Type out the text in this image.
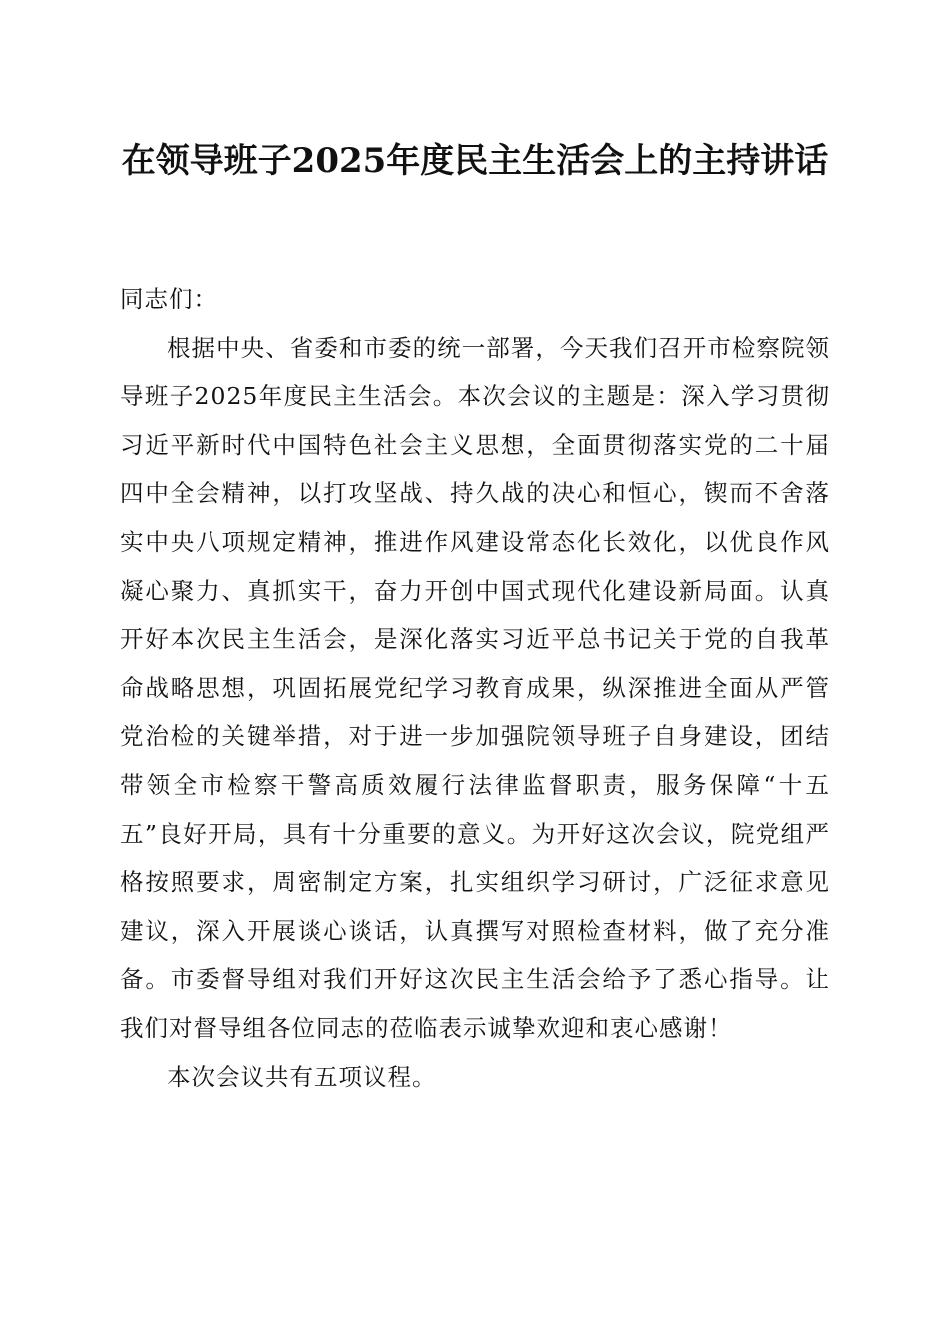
在领导班子2025年度民主生活会上的主持讲话

同志们：

根据中央、省委和市委的统一部署，今天我们召开市检察院领导班子2025年度民主生活会。本次会议的主题是：深入学习贯彻习近平新时代中国特色社会主义思想，全面贯彻落实党的二十届四中全会精神，以打攻坚战、持久战的决心和恒心，锲而不舍落实中央八项规定精神，推进作风建设常态化长效化，以优良作风凝心聚力、真抓实干，奋力开创中国式现代化建设新局面。认真开好本次民主生活会，是深化落实习近平总书记关于党的自我革命战略思想，巩固拓展党纪学习教育成果，纵深推进全面从严管党治检的关键举措，对于进一步加强院领导班子自身建设，团结带领全市检察干警高质效履行法律监督职责，服务保障“十五五”良好开局，具有十分重要的意义。为开好这次会议，院党组严格按照要求，周密制定方案，扎实组织学习研讨，广泛征求意见建议，深入开展谈心谈话，认真撰写对照检查材料，做了充分准备。市委督导组对我们开好这次民主生活会给予了悉心指导。让我们对督导组各位同志的莅临表示诚挚欢迎和衷心感谢！

本次会议共有五项议程。
